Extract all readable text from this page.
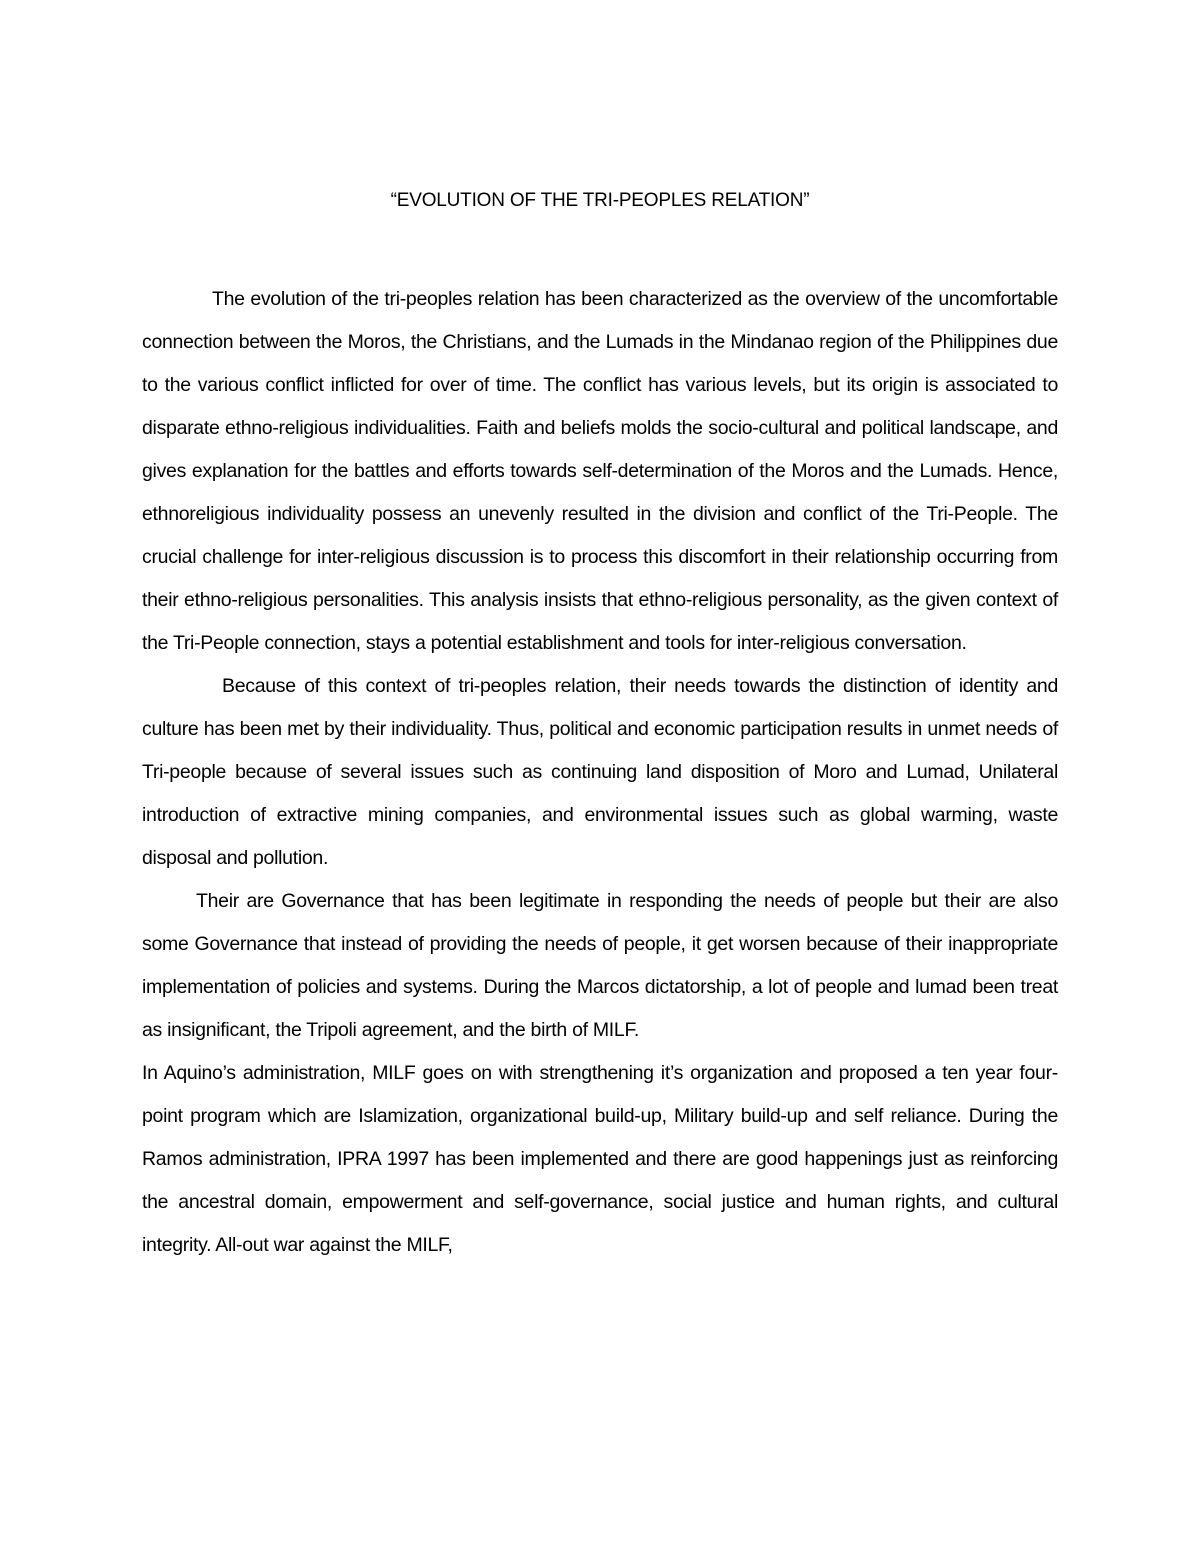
“EVOLUTION OF THE TRI-PEOPLES RELATION”

The evolution of the tri-peoples relation has been characterized as the overview of the uncomfortable connection between the Moros, the Christians, and the Lumads in the Mindanao region of the Philippines due to the various conflict inflicted for over of time. The conflict has various levels, but its origin is associated to disparate ethno-religious individualities. Faith and beliefs molds the socio-cultural and political landscape, and gives explanation for the battles and efforts towards self-determination of the Moros and the Lumads. Hence, ethnoreligious individuality possess an unevenly resulted in the division and conflict of the Tri-People. The crucial challenge for inter-religious discussion is to process this discomfort in their relationship occurring from their ethno-religious personalities. This analysis insists that ethno-religious personality, as the given context of the Tri-People connection, stays a potential establishment and tools for inter-religious conversation.

Because of this context of tri-peoples relation, their needs towards the distinction of identity and culture has been met by their individuality. Thus, political and economic participation results in unmet needs of Tri-people because of several issues such as continuing land disposition of Moro and Lumad, Unilateral introduction of extractive mining companies, and environmental issues such as global warming, waste disposal and pollution.

Their are Governance that has been legitimate in responding the needs of people but their are also some Governance that instead of providing the needs of people, it get worsen because of their inappropriate implementation of policies and systems. During the Marcos dictatorship, a lot of people and lumad been treat as insignificant, the Tripoli agreement, and the birth of MILF.

In Aquino’s administration, MILF goes on with strengthening it’s organization and proposed a ten year four-point program which are Islamization, organizational build-up, Military build-up and self reliance. During the Ramos administration, IPRA 1997 has been implemented and there are good happenings just as reinforcing the ancestral domain, empowerment and self-governance, social justice and human rights, and cultural integrity. All-out war against the MILF,
